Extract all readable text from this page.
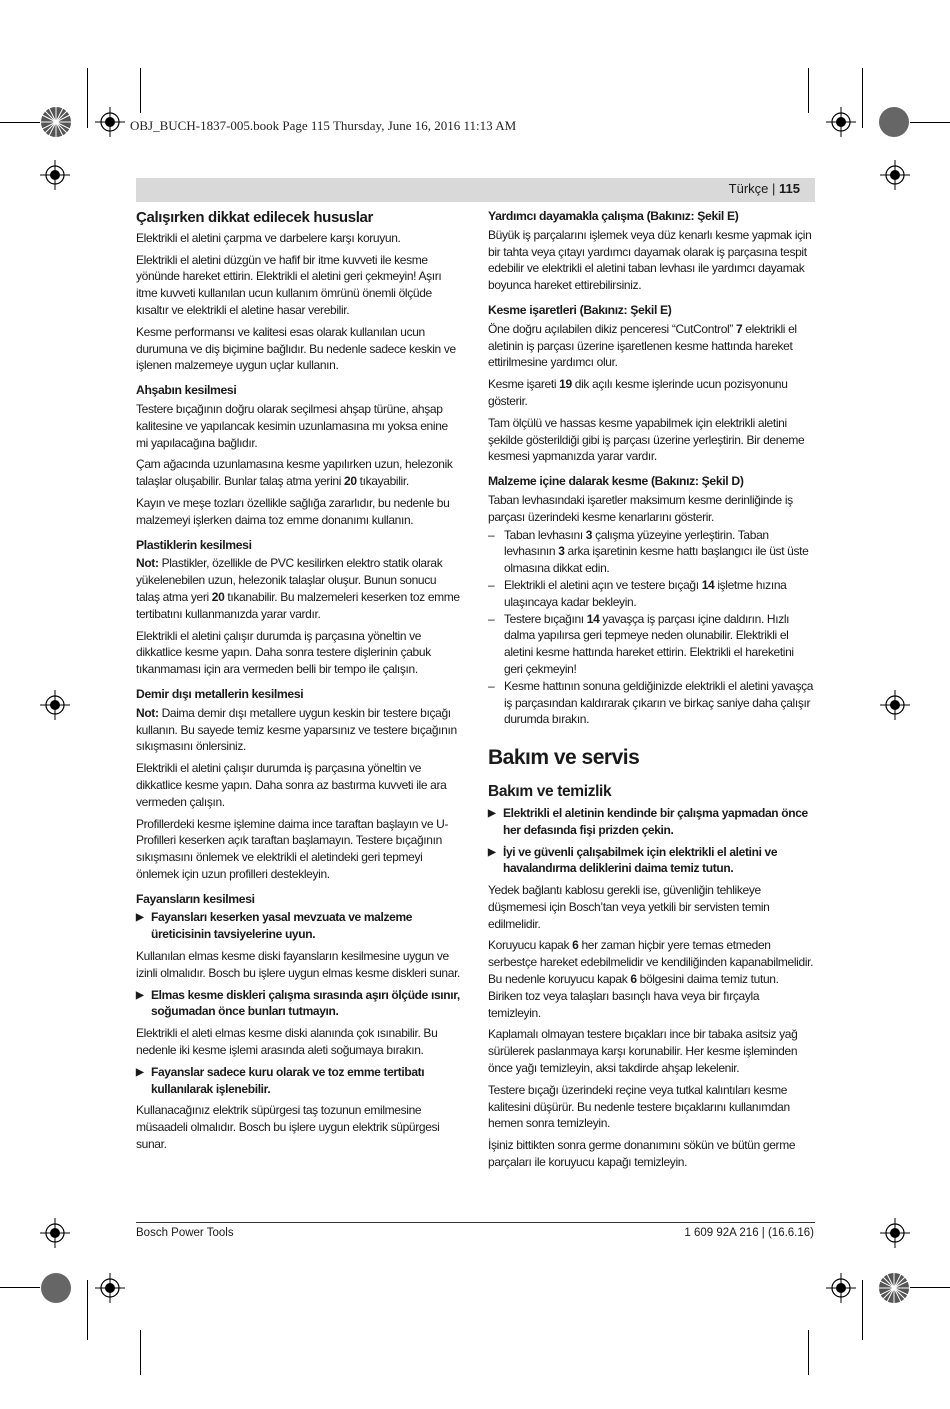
OBJ_BUCH-1837-005.book Page 115 Thursday, June 16, 2016 11:13 AM
Türkçe | 115
Çalışırken dikkat edilecek hususlar

Elektrikli el aletini çarpma ve darbelere karşı koruyun.

Elektrikli el aletini düzgün ve hafif bir itme kuvveti ile kesme yönünde hareket ettirin. Elektrikli el aletini geri çekmeyin! Aşırı itme kuvveti kullanılan ucun kullanım ömrünü önemli ölçüde kısaltır ve elektrikli el aletine hasar verebilir.

Kesme performansı ve kalitesi esas olarak kullanılan ucun durumuna ve diş biçimine bağlıdır. Bu nedenle sadece keskin ve işlenen malzemeye uygun uçlar kullanın.

Ahşabın kesilmesi

Testere bıçağının doğru olarak seçilmesi ahşap türüne, ahşap kalitesine ve yapılancak kesimin uzunlamasına mı yoksa enine mi yapılacağına bağlıdır.

Çam ağacında uzunlamasına kesme yapılırken uzun, helezonik talaşlar oluşabilir. Bunlar talaş atma yerini 20 tıkayabilir.

Kayın ve meşe tozları özellikle sağlığa zararlıdır, bu nedenle bu malzemeyi işlerken daima toz emme donanımı kullanın.

Plastiklerin kesilmesi

Not: Plastikler, özellikle de PVC kesilirken elektro statik olarak yükelenebilen uzun, helezonik talaşlar oluşur. Bunun sonucu talaş atma yeri 20 tıkanabilir. Bu malzemeleri keserken toz emme tertibatını kullanmanızda yarar vardır.

Elektrikli el aletini çalışır durumda iş parçasına yöneltin ve dikkatlice kesme yapın. Daha sonra testere dişlerinin çabuk tıkanmaması için ara vermeden belli bir tempo ile çalışın.

Demir dışı metallerin kesilmesi

Not: Daima demir dışı metallere uygun keskin bir testere bıçağı kullanın. Bu sayede temiz kesme yaparsınız ve testere bıçağının sıkışmasını önlersiniz.

Elektrikli el aletini çalışır durumda iş parçasına yöneltin ve dikkatlice kesme yapın. Daha sonra az bastırma kuvveti ile ara vermeden çalışın.

Profillerdeki kesme işlemine daima ince taraftan başlayın ve U-Profilleri keserken açık taraftan başlamayın. Testere bıçağının sıkışmasını önlemek ve elektrikli el aletindeki geri tepmeyi önlemek için uzun profilleri destekleyin.

Fayansların kesilmesi
▶ Fayansları keserken yasal mevzuata ve malzeme üreticisinin tavsiyelerine uyun.

Kullanılan elmas kesme diski fayansların kesilmesine uygun ve izinli olmalıdır. Bosch bu işlere uygun elmas kesme diskleri sunar.

▶ Elmas kesme diskleri çalışma sırasında aşırı ölçüde ısınır, soğumadan önce bunları tutmayın.

Elektrikli el aleti elmas kesme diski alanında çok ısınabilir. Bu nedenle iki kesme işlemi arasında aleti soğumaya bırakın.

▶ Fayanslar sadece kuru olarak ve toz emme tertibatı kullanılarak işlenebilir.

Kullanacağınız elektrik süpürgesi taş tozunun emilmesine müsaadeli olmalıdır. Bosch bu işlere uygun elektrik süpürgesi sunar.

Yardımcı dayamakla çalışma (Bakınız: Şekil E)

Büyük iş parçalarını işlemek veya düz kenarlı kesme yapmak için bir tahta veya çıtayı yardımcı dayamak olarak iş parçasına tespit edebilir ve elektrikli el aletini taban levhası ile yardımcı dayamak boyunca hareket ettirebilirsiniz.

Kesme işaretleri (Bakınız: Şekil E)

Öne doğru açılabilen dikiz penceresi “CutControl” 7 elektrikli el aletinin iş parçası üzerine işaretlenen kesme hattında hareket ettirilmesine yardımcı olur.

Kesme işareti 19 dik açılı kesme işlerinde ucun pozisyonunu gösterir.

Tam ölçülü ve hassas kesme yapabilmek için elektrikli aletini şekilde gösterildiği gibi iş parçası üzerine yerleştirin. Bir deneme kesmesi yapmanızda yarar vardır.

Malzeme içine dalarak kesme (Bakınız: Şekil D)

Taban levhasındaki işaretler maksimum kesme derinliğinde iş parçası üzerindeki kesme kenarlarını gösterir.

– Taban levhasını 3 çalışma yüzeyine yerleştirin. Taban levhasının 3 arka işaretinin kesme hattı başlangıcı ile üst üste olmasına dikkat edin.
– Elektrikli el aletini açın ve testere bıçağı 14 işletme hızına ulaşıncaya kadar bekleyin.
– Testere bıçağını 14 yavaşça iş parçası içine daldırın. Hızlı dalma yapılırsa geri tepmeye neden olunabilir. Elektrikli el aletini kesme hattında hareket ettirin. Elektrikli el hareketini geri çekmeyin!
– Kesme hattının sonuna geldiğinizde elektrikli el aletini yavaşça iş parçasından kaldırarak çıkarın ve birkaç saniye daha çalışır durumda bırakın.
Bakım ve servis
Bakım ve temizlik
▶ Elektrikli el aletinin kendinde bir çalışma yapmadan önce her defasında fişi prizden çekin.
▶ İyi ve güvenli çalışabilmek için elektrikli el aletini ve havalandırma deliklerini daima temiz tutun.

Yedek bağlantı kablosu gerekli ise, güvenliğin tehlikeye düşmemesi için Bosch’tan veya yetkili bir servisten temin edilmelidir.

Koruyucu kapak 6 her zaman hiçbir yere temas etmeden serbestçe hareket edebilmelidir ve kendiliğinden kapanabilmelidir. Bu nedenle koruyucu kapak 6 bölgesini daima temiz tutun. Biriken toz veya talaşları basınçlı hava veya bir fırçayla temizleyin.

Kaplamalı olmayan testere bıçakları ince bir tabaka asitsiz yağ sürülerek paslanmaya karşı korunabilir. Her kesme işleminden önce yağı temizleyin, aksi takdirde ahşap lekelenir.

Testere bıçağı üzerindeki reçine veya tutkal kalıntıları kesme kalitesini düşürür. Bu nedenle testere bıçaklarını kullanımdan hemen sonra temizleyin.

İşiniz bittikten sonra germe donanımını sökün ve bütün germe parçaları ile koruyucu kapağı temizleyin.

Bosch Power Tools	1 609 92A 216 | (16.6.16)
